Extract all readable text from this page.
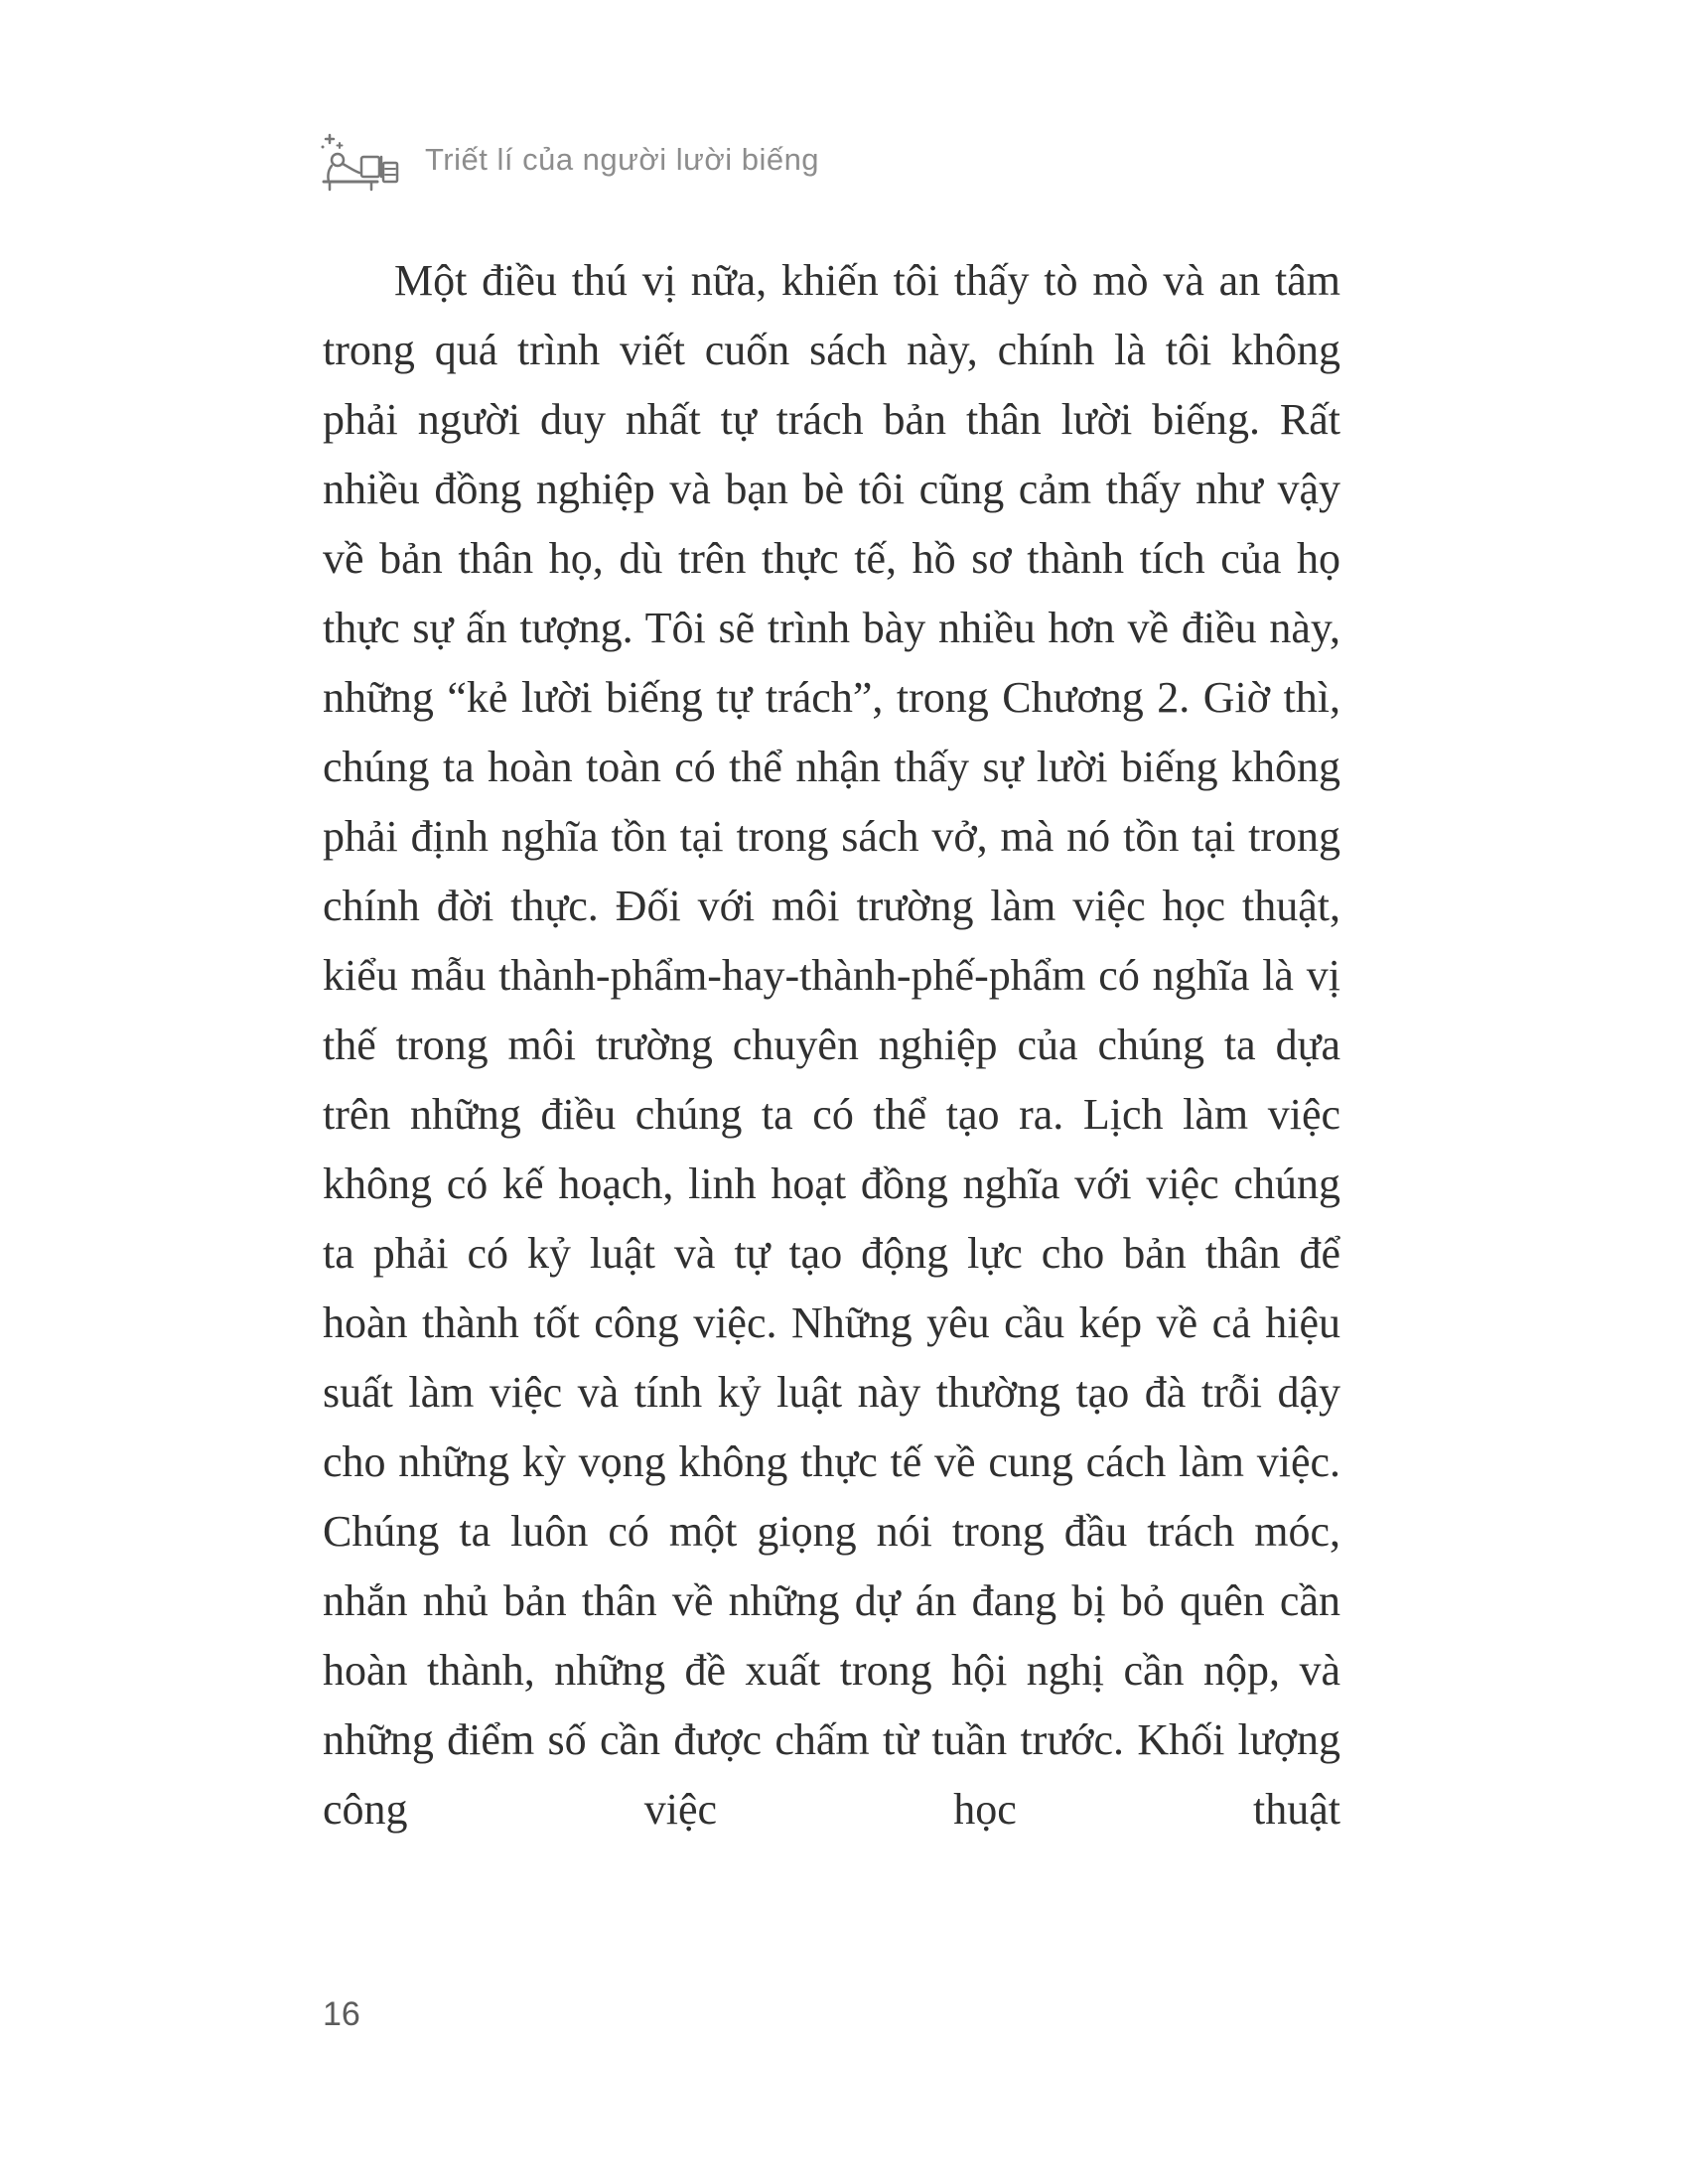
Triết lí của người lười biếng
Một điều thú vị nữa, khiến tôi thấy tò mò và an tâm trong quá trình viết cuốn sách này, chính là tôi không phải người duy nhất tự trách bản thân lười biếng. Rất nhiều đồng nghiệp và bạn bè tôi cũng cảm thấy như vậy về bản thân họ, dù trên thực tế, hồ sơ thành tích của họ thực sự ấn tượng. Tôi sẽ trình bày nhiều hơn về điều này, những “kẻ lười biếng tự trách”, trong Chương 2. Giờ thì, chúng ta hoàn toàn có thể nhận thấy sự lười biếng không phải định nghĩa tồn tại trong sách vở, mà nó tồn tại trong chính đời thực. Đối với môi trường làm việc học thuật, kiểu mẫu thành-phẩm-hay-thành-phế-phẩm có nghĩa là vị thế trong môi trường chuyên nghiệp của chúng ta dựa trên những điều chúng ta có thể tạo ra. Lịch làm việc không có kế hoạch, linh hoạt đồng nghĩa với việc chúng ta phải có kỷ luật và tự tạo động lực cho bản thân để hoàn thành tốt công việc. Những yêu cầu kép về cả hiệu suất làm việc và tính kỷ luật này thường tạo đà trỗi dậy cho những kỳ vọng không thực tế về cung cách làm việc. Chúng ta luôn có một giọng nói trong đầu trách móc, nhắn nhủ bản thân về những dự án đang bị bỏ quên cần hoàn thành, những đề xuất trong hội nghị cần nộp, và những điểm số cần được chấm từ tuần trước. Khối lượng công việc học thuật
16
